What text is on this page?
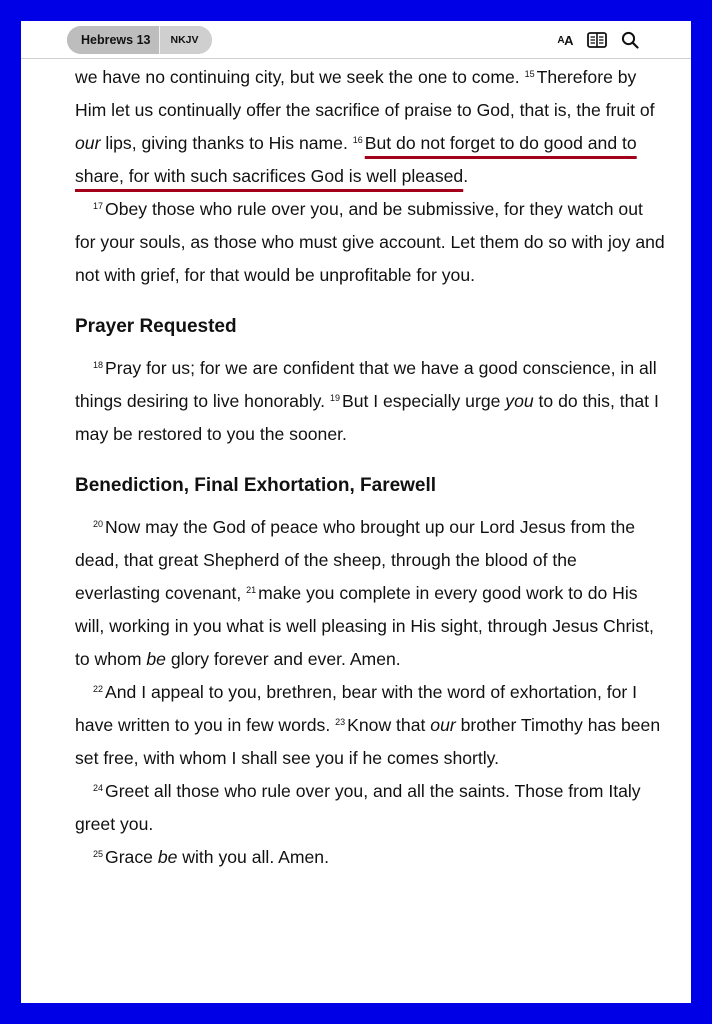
Hebrews 13	NKJV	A A

we have no continuing city, but we seek the one to come. $^{15}$ Therefore by Him let us continually offer the sacrifice of praise to God, that is, the fruit of our lips, giving thanks to His name. $^{16}$ But do not forget to do good and to share, for with such sacrifices God is well pleased.

$^{17}$ Obey those who rule over you, and be submissive, for they watch out for your souls, as those who must give account. Let them do so with joy and not with grief, for that would be unprofitable for you.

Prayer Requested

$^{18}$ Pray for us; for we are confident that we have a good conscience, in all things desiring to live honorably. $^{19}$ But I especially urge you to do this, that I may be restored to you the sooner.

Benediction, Final Exhortation, Farewell

$^{20}$ Now may the God of peace who brought up our Lord Jesus from the dead, that great Shepherd of the sheep, through the blood of the everlasting covenant, $^{21}$ make you complete in every good work to do His will, working in you what is well pleasing in His sight, through Jesus Christ, to whom be glory forever and ever. Amen.

$^{22}$ And I appeal to you, brethren, bear with the word of exhortation, for I have written to you in few words. $^{23}$ Know that our brother Timothy has been set free, with whom I shall see you if he comes shortly.

$^{24}$ Greet all those who rule over you, and all the saints. Those from Italy greet you.

$^{25}$ Grace be with you all. Amen.
